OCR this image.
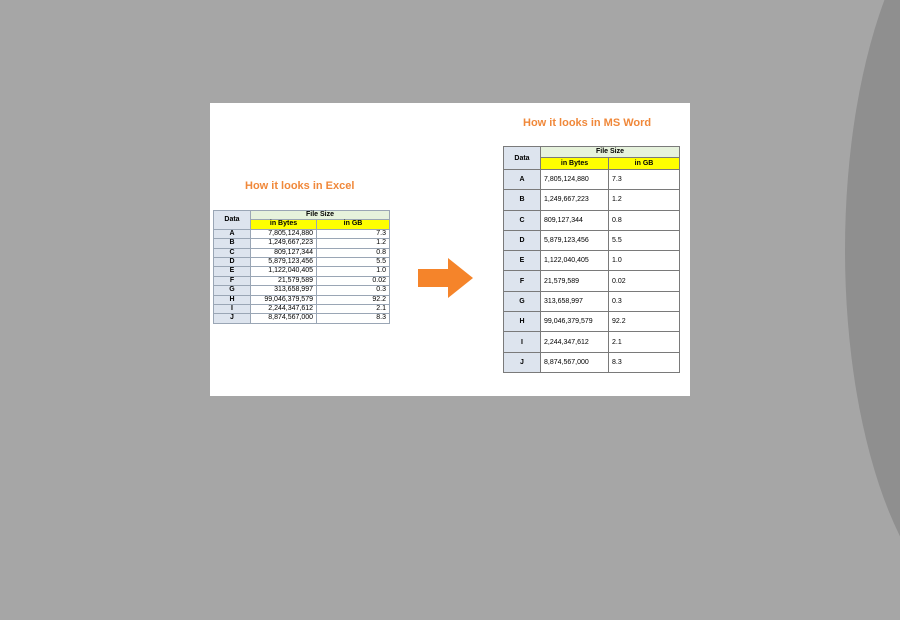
How it looks in Excel
Data	File Size	
	in Bytes	in GB
A	7,805,124,880	7.3
B	1,249,667,223	1.2
C	809,127,344	0.8
D	5,879,123,456	5.5
E	1,122,040,405	1.0
F	21,579,589	0.02
G	313,658,997	0.3
H	99,046,379,579	92.2
I	2,244,347,612	2.1
J	8,874,567,000	8.3
How it looks in MS Word
Data	File Size	
	in Bytes	in GB
A	7,805,124,880	7.3
B	1,249,667,223	1.2
C	809,127,344	0.8
D	5,879,123,456	5.5
E	1,122,040,405	1.0
F	21,579,589	0.02
G	313,658,997	0.3
H	99,046,379,579	92.2
I	2,244,347,612	2.1
J	8,874,567,000	8.3
